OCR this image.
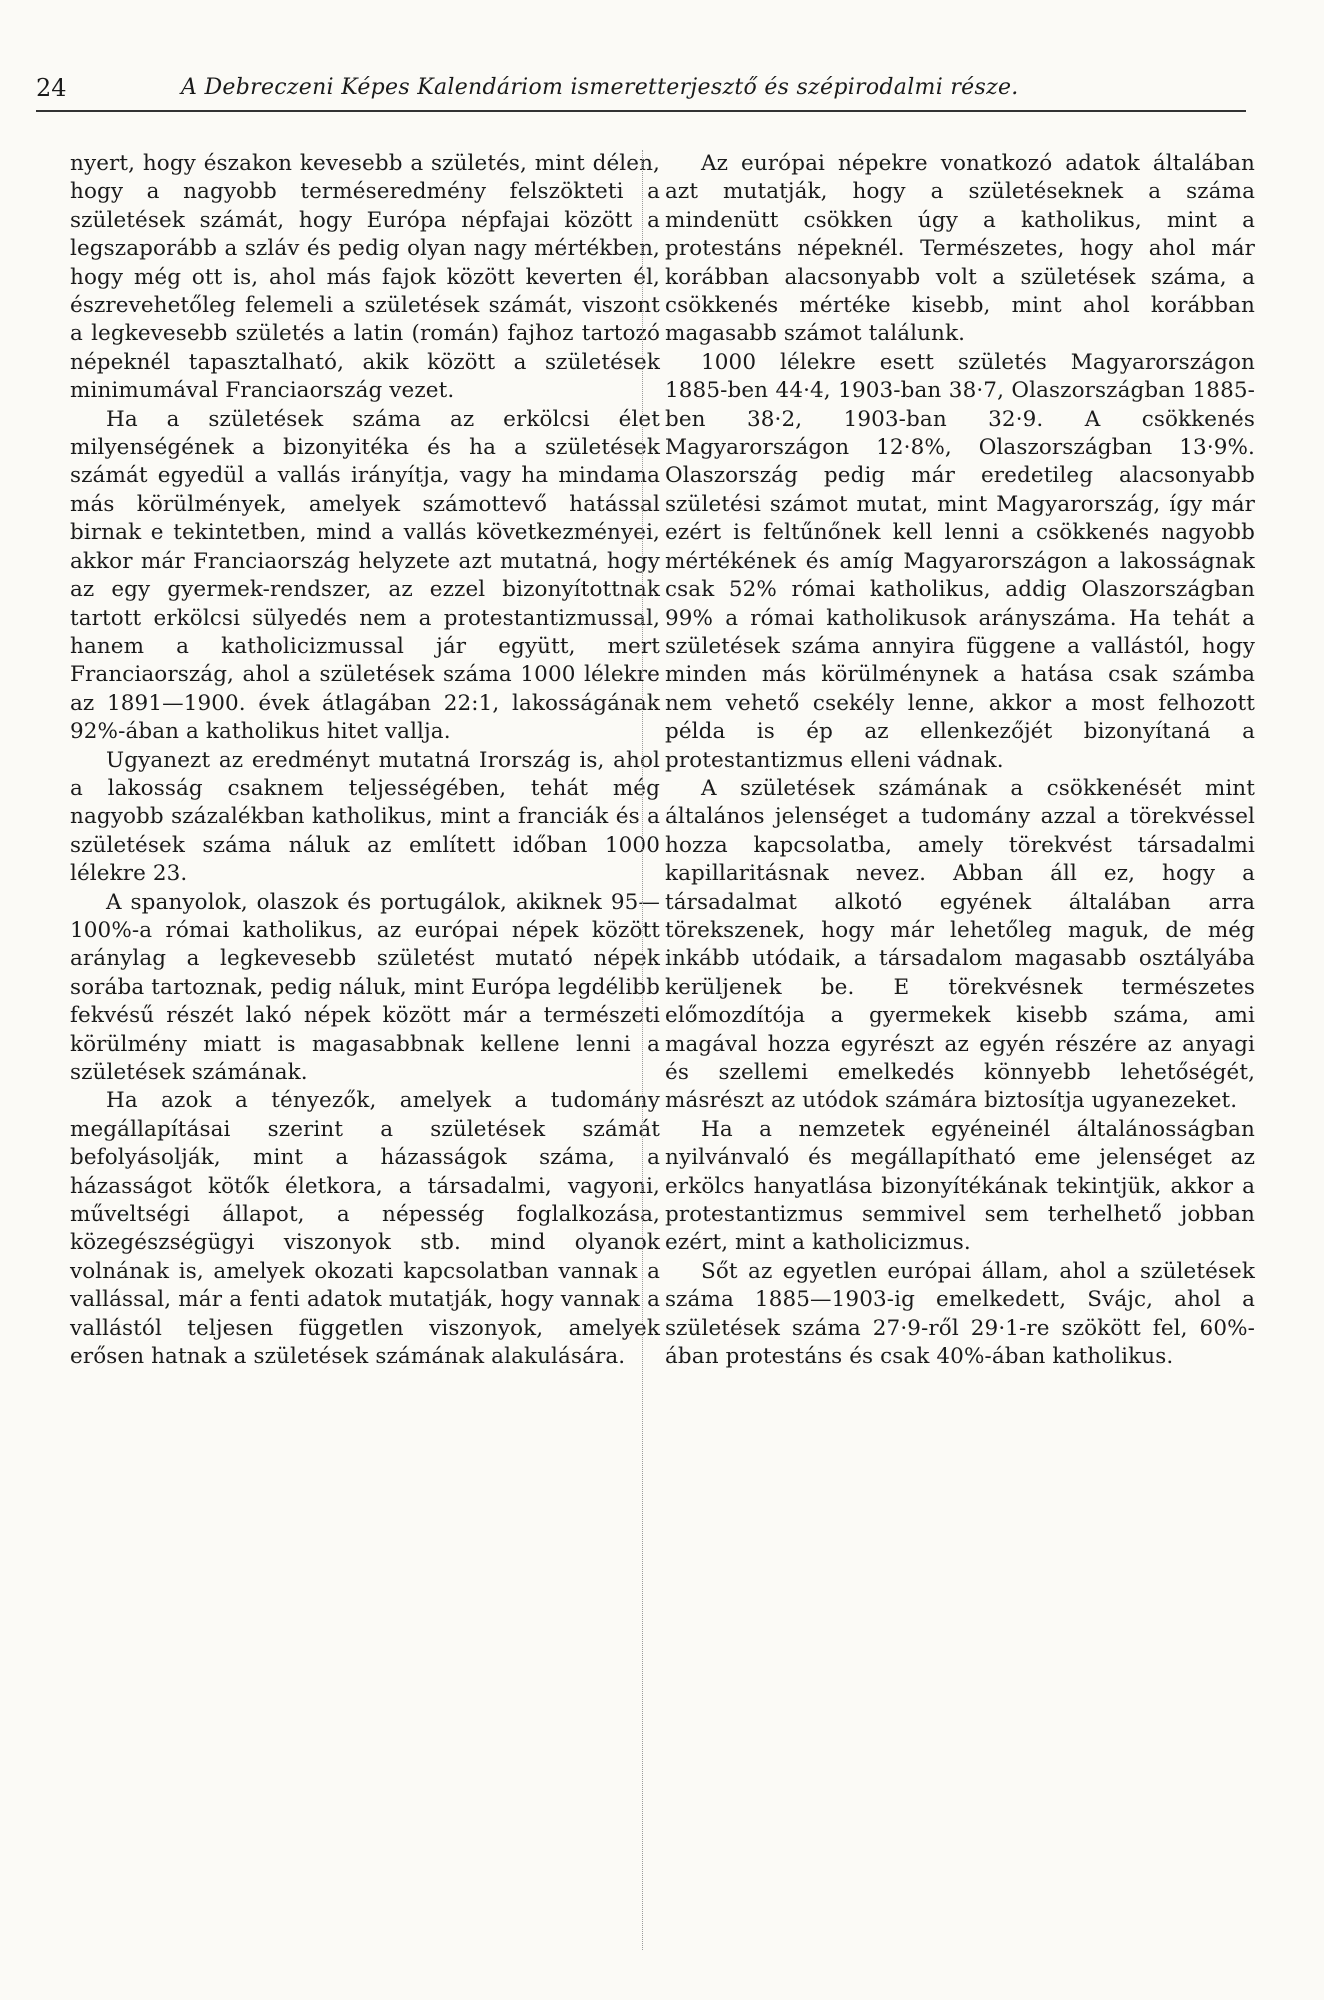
24	A Debreczeni Képes Kalendáriom ismeretterjesztő és szépirodalmi része.

nyert, hogy északon kevesebb a születés, mint délen, hogy a nagyobb terméseredmény felszökteti a születések számát, hogy Európa népfajai között a legszaporább a szláv és pedig olyan nagy mértékben, hogy még ott is, ahol más fajok között keverten él, észrevehetőleg felemeli a születések számát, viszont a legkevesebb születés a latin (román) fajhoz tartozó népeknél tapasztalható, akik között a születések minimumával Franciaország vezet.

Ha a születések száma az erkölcsi élet milyenségének a bizonyitéka és ha a születések számát egyedül a vallás irányítja, vagy ha mindama más körülmények, amelyek számottevő hatással birnak e tekintetben, mind a vallás következményei, akkor már Franciaország helyzete azt mutatná, hogy az egy gyermek-rendszer, az ezzel bizonyítottnak tartott erkölcsi sülyedés nem a protestantizmussal, hanem a katholicizmussal jár együtt, mert Franciaország, ahol a születések száma 1000 lélekre az 1891—1900. évek átlagában 22:1, lakosságának 92%-ában a katholikus hitet vallja.

Ugyanezt az eredményt mutatná Irország is, ahol a lakosság csaknem teljességében, tehát még nagyobb százalékban katholikus, mint a franciák és a születések száma náluk az említett időban 1000 lélekre 23.

A spanyolok, olaszok és portugálok, akiknek 95—100%-a római katholikus, az európai népek között aránylag a legkevesebb születést mutató népek sorába tartoznak, pedig náluk, mint Európa legdélibb fekvésű részét lakó népek között már a természeti körülmény miatt is magasabbnak kellene lenni a születések számának.

Ha azok a tényezők, amelyek a tudomány megállapításai szerint a születések számát befolyásolják, mint a házasságok száma, a házasságot kötők életkora, a társadalmi, vagyoni, műveltségi állapot, a népesség foglalkozása, közegészségügyi viszonyok stb. mind olyanok volnának is, amelyek okozati kapcsolatban vannak a vallással, már a fenti adatok mutatják, hogy vannak a vallástól teljesen független viszonyok, amelyek erősen hatnak a születések számának alakulására.

Az európai népekre vonatkozó adatok általában azt mutatják, hogy a születéseknek a száma mindenütt csökken úgy a katholikus, mint a protestáns népeknél. Természetes, hogy ahol már korábban alacsonyabb volt a születések száma, a csökkenés mértéke kisebb, mint ahol korábban magasabb számot találunk.

1000 lélekre esett születés Magyarországon 1885-ben 44·4, 1903-ban 38·7, Olaszországban 1885-ben 38·2, 1903-ban 32·9. A csökkenés Magyarországon 12·8%, Olaszországban 13·9%. Olaszország pedig már eredetileg alacsonyabb születési számot mutat, mint Magyarország, így már ezért is feltűnőnek kell lenni a csökkenés nagyobb mértékének és amíg Magyarországon a lakosságnak csak 52% római katholikus, addig Olaszországban 99% a római katholikusok arányszáma. Ha tehát a születések száma annyira függene a vallástól, hogy minden más körülménynek a hatása csak számba nem vehető csekély lenne, akkor a most felhozott példa is ép az ellenkezőjét bizonyítaná a protestantizmus elleni vádnak.

A születések számának a csökkenését mint általános jelenséget a tudomány azzal a törekvéssel hozza kapcsolatba, amely törekvést társadalmi kapillaritásnak nevez. Abban áll ez, hogy a társadalmat alkotó egyének általában arra törekszenek, hogy már lehetőleg maguk, de még inkább utódaik, a társadalom magasabb osztályába kerüljenek be. E törekvésnek természetes előmozdítója a gyermekek kisebb száma, ami magával hozza egyrészt az egyén részére az anyagi és szellemi emelkedés könnyebb lehetőségét, másrészt az utódok számára biztosítja ugyanezeket.

Ha a nemzetek egyéneinél általánosságban nyilvánvaló és megállapítható eme jelenséget az erkölcs hanyatlása bizonyítékának tekintjük, akkor a protestantizmus semmivel sem terhelhető jobban ezért, mint a katholicizmus.

Sőt az egyetlen európai állam, ahol a születések száma 1885—1903-ig emelkedett, Svájc, ahol a születések száma 27·9-ről 29·1-re szökött fel, 60%-ában protestáns és csak 40%-ában katholikus.
